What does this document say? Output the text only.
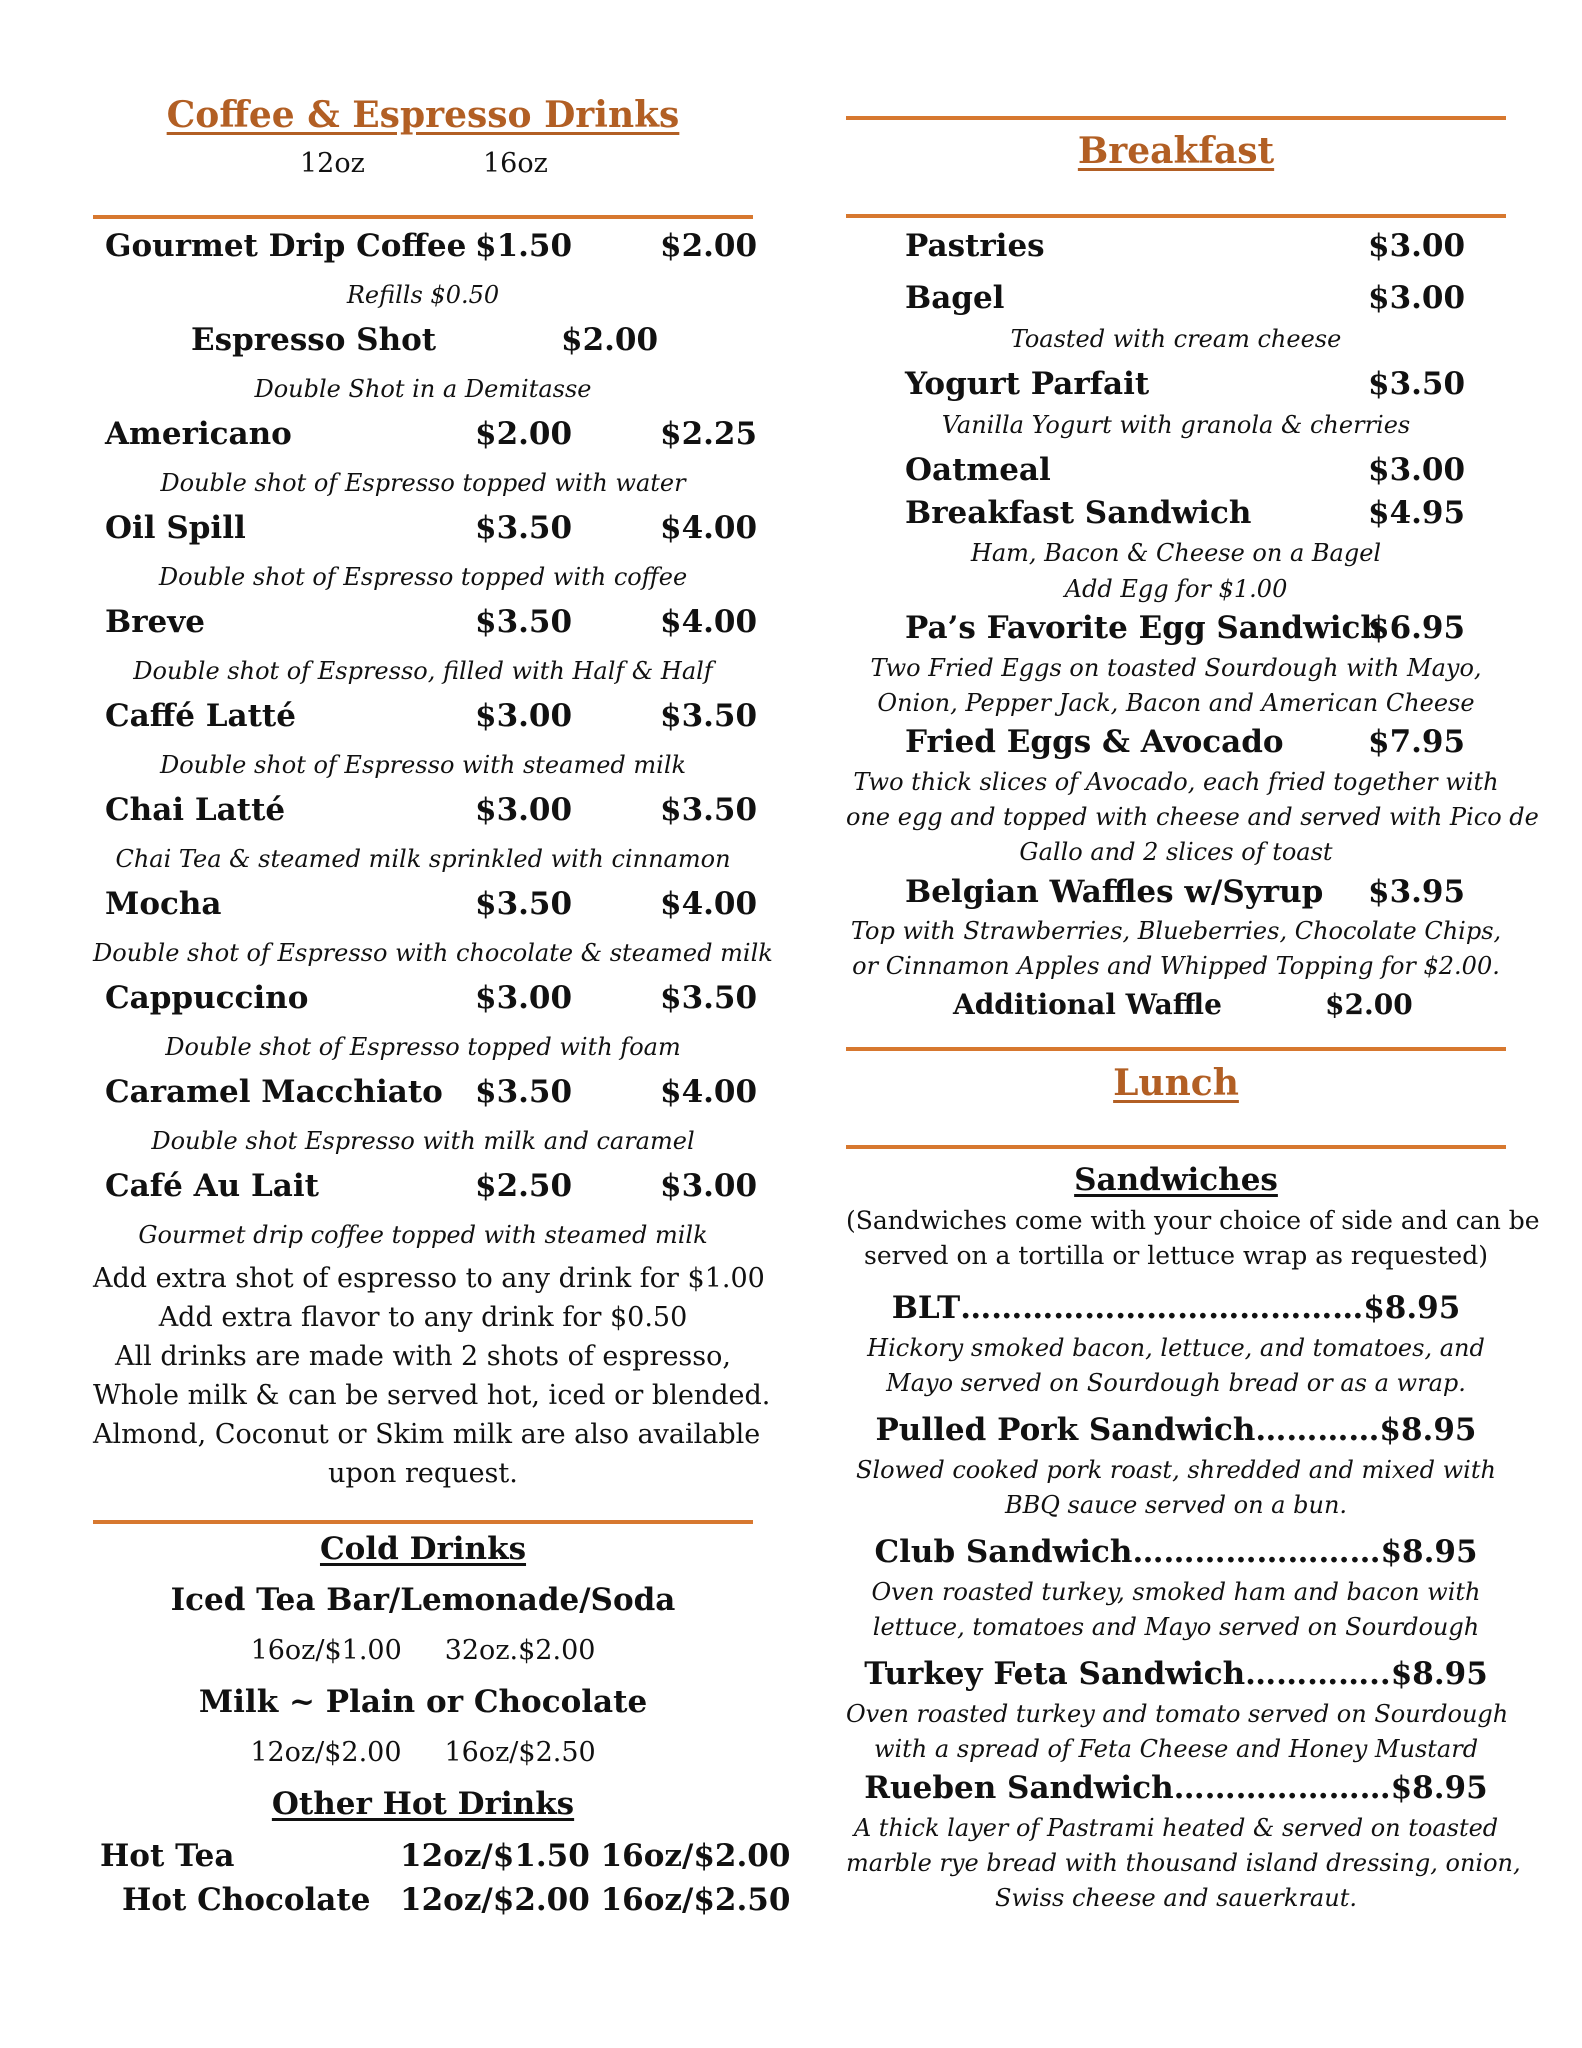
Coffee & Espresso Drinks
12oz	16oz
Gourmet Drip Coffee $1.50	$2.00
Refills $0.50
Espresso Shot	$2.00
Double Shot in a Demitasse
Americano	$2.00	$2.25
Double shot of Espresso topped with water
Oil Spill	$3.50	$4.00
Double shot of Espresso topped with coffee
Breve	$3.50	$4.00
Double shot of Espresso, filled with Half & Half
Caffé Latté	$3.00	$3.50
Double shot of Espresso with steamed milk
Chai Latté	$3.00	$3.50
Chai Tea & steamed milk sprinkled with cinnamon
Mocha	$3.50	$4.00
Double shot of Espresso with chocolate & steamed milk
Cappuccino	$3.00	$3.50
Double shot of Espresso topped with foam
Caramel Macchiato $3.50	$4.00
Double shot Espresso with milk and caramel
Café Au Lait	$2.50	$3.00
Gourmet drip coffee topped with steamed milk
Add extra shot of espresso to any drink for $1.00
Add extra flavor to any drink for $0.50
All drinks are made with 2 shots of espresso,
Whole milk & can be served hot, iced or blended.
Almond, Coconut or Skim milk are also available
upon request.
Cold Drinks
Iced Tea Bar/Lemonade/Soda
16oz/$1.00     32oz.$2.00
Milk ~ Plain or Chocolate
12oz/$2.00     16oz/$2.50
Other Hot Drinks
Hot Tea	12oz/$1.50 16oz/$2.00
Hot Chocolate 12oz/$2.00 16oz/$2.50
Breakfast
Pastries	$3.00
Bagel	$3.00
Toasted with cream cheese
Yogurt Parfait	$3.50
Vanilla Yogurt with granola & cherries
Oatmeal	$3.00
Breakfast Sandwich	$4.95
Ham, Bacon & Cheese on a Bagel
Add Egg for $1.00
Pa’s Favorite Egg Sandwich
$6.95
Two Fried Eggs on toasted Sourdough with Mayo,
Onion, Pepper Jack, Bacon and American Cheese
Fried Eggs & Avocado	$7.95
Two thick slices of Avocado, each fried together with
one egg and topped with cheese and served with Pico de
Gallo and 2 slices of toast
Belgian Waffles w/Syrup $3.95
Top with Strawberries, Blueberries, Chocolate Chips,
or Cinnamon Apples and Whipped Topping for $2.00.
Additional Waffle	$2.00
Lunch
Sandwiches
(Sandwiches come with your choice of side and can be
served on a tortilla or lettuce wrap as requested)
BLT…………………………………$8.95
Hickory smoked bacon, lettuce, and tomatoes, and
Mayo served on Sourdough bread or as a wrap.
Pulled Pork Sandwich…………$8.95
Slowed cooked pork roast, shredded and mixed with
BBQ sauce served on a bun.
Club Sandwich……………………$8.95
Oven roasted turkey, smoked ham and bacon with
lettuce, tomatoes and Mayo served on Sourdough
Turkey Feta Sandwich…………..$8.95
Oven roasted turkey and tomato served on Sourdough
with a spread of Feta Cheese and Honey Mustard
Rueben Sandwich…………………$8.95
A thick layer of Pastrami heated & served on toasted
marble rye bread with thousand island dressing, onion,
Swiss cheese and sauerkraut.
